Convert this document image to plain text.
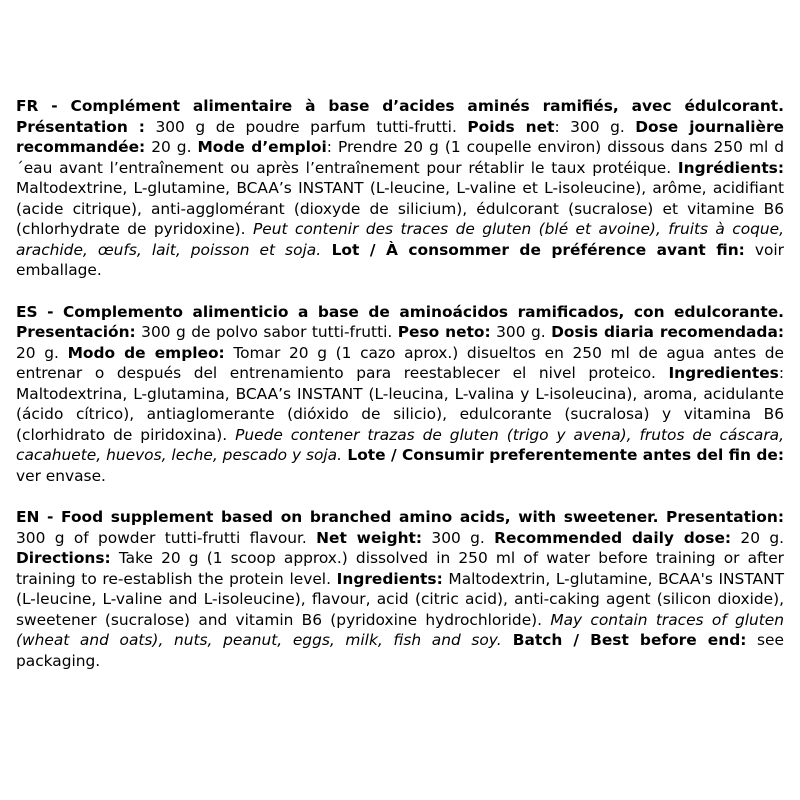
FR - Complément alimentaire à base d’acides aminés ramifiés, avec édulcorant. Présentation : 300 g de poudre parfum tutti-frutti. Poids net: 300 g. Dose journalière recommandée: 20 g. Mode d’emploi: Prendre 20 g (1 coupelle environ) dissous dans 250 ml d´eau avant l’entraînement ou après l’entraînement pour rétablir le taux protéique. Ingrédients: Maltodextrine, L-glutamine, BCAA’s INSTANT (L-leucine, L-valine et L-isoleucine), arôme, acidifiant (acide citrique), anti-agglomérant (dioxyde de silicium), édulcorant (sucralose) et vitamine B6 (chlorhydrate de pyridoxine). Peut contenir des traces de gluten (blé et avoine), fruits à coque, arachide, œufs, lait, poisson et soja. Lot / À consommer de préférence avant fin: voir emballage.

ES - Complemento alimenticio a base de aminoácidos ramificados, con edulcorante. Presentación: 300 g de polvo sabor tutti-frutti. Peso neto: 300 g. Dosis diaria recomendada: 20 g. Modo de empleo: Tomar 20 g (1 cazo aprox.) disueltos en 250 ml de agua antes de entrenar o después del entrenamiento para reestablecer el nivel proteico. Ingredientes: Maltodextrina, L-glutamina, BCAA’s INSTANT (L-leucina, L-valina y L-isoleucina), aroma, acidulante (ácido cítrico), antiaglomerante (dióxido de silicio), edulcorante (sucralosa) y vitamina B6 (clorhidrato de piridoxina). Puede contener trazas de gluten (trigo y avena), frutos de cáscara, cacahuete, huevos, leche, pescado y soja. Lote / Consumir preferentemente antes del fin de: ver envase.

EN - Food supplement based on branched amino acids, with sweetener. Presentation: 300 g of powder tutti-frutti flavour. Net weight: 300 g. Recommended daily dose: 20 g. Directions: Take 20 g (1 scoop approx.) dissolved in 250 ml of water before training or after training to re-establish the protein level. Ingredients: Maltodextrin, L-glutamine, BCAA's INSTANT (L-leucine, L-valine and L-isoleucine), flavour, acid (citric acid), anti-caking agent (silicon dioxide), sweetener (sucralose) and vitamin B6 (pyridoxine hydrochloride). May contain traces of gluten (wheat and oats), nuts, peanut, eggs, milk, fish and soy. Batch / Best before end: see packaging.
